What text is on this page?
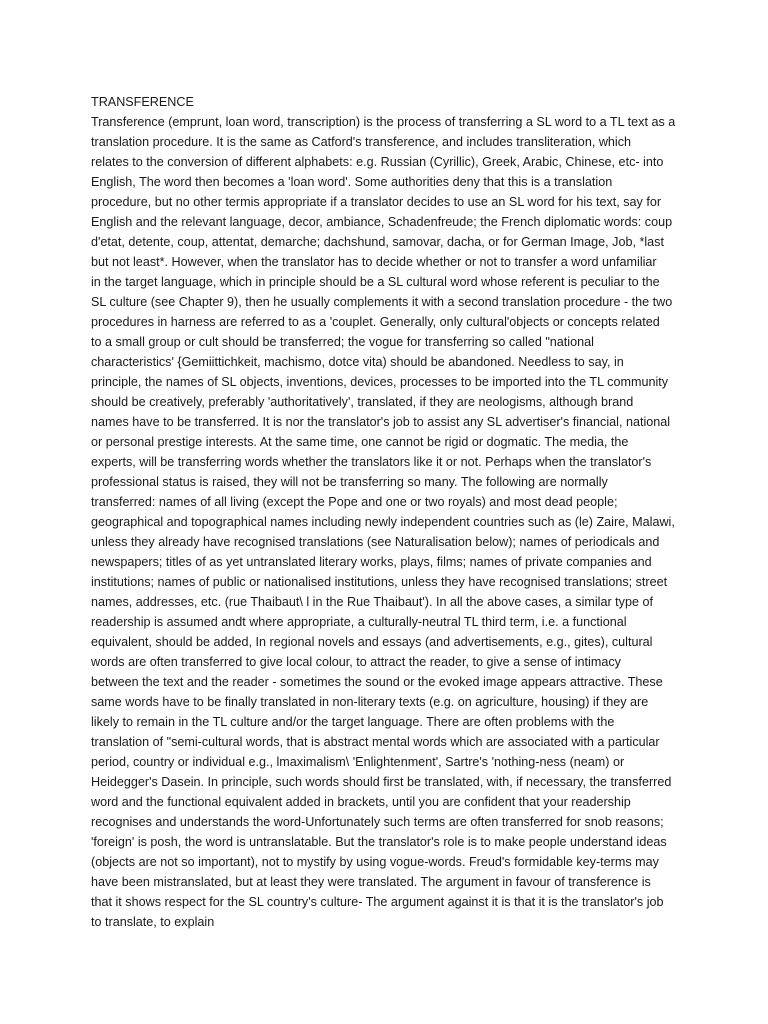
TRANSFERENCE
Transference (emprunt, loan word, transcription) is the process of transferring a SL word to a TL text as a
translation procedure. It is the same as Catford's transference, and includes transliteration, which
relates to the conversion of different alphabets: e.g. Russian (Cyrillic), Greek, Arabic, Chinese, etc- into
English, The word then becomes a 'loan word'. Some authorities deny that this is a translation
procedure, but no other termis appropriate if a translator decides to use an SL word for his text, say for
English and the relevant language, decor, ambiance, Schadenfreude; the French diplomatic words: coup
d'etat, detente, coup, attentat, demarche; dachshund, samovar, dacha, or for German Image, Job, *last
but not least*. However, when the translator has to decide whether or not to transfer a word unfamiliar
in the target language, which in principle should be a SL cultural word whose referent is peculiar to the
SL culture (see Chapter 9), then he usually complements it with a second translation procedure - the two
procedures in harness are referred to as a 'couplet. Generally, only cultural'objects or concepts related
to a small group or cult should be transferred; the vogue for transferring so called "national
characteristics' {Gemiittichkeit, machismo, dotce vita) should be abandoned. Needless to say, in
principle, the names of SL objects, inventions, devices, processes to be imported into the TL community
should be creatively, preferably 'authoritatively', translated, if they are neologisms, although brand
names have to be transferred. It is nor the translator's job to assist any SL advertiser's financial, national
or personal prestige interests. At the same time, one cannot be rigid or dogmatic. The media, the
experts, will be transferring words whether the translators like it or not. Perhaps when the translator's
professional status is raised, they will not be transferring so many. The following are normally
transferred: names of all living (except the Pope and one or two royals) and most dead people;
geographical and topographical names including newly independent countries such as (le) Zaire, Malawi,
unless they already have recognised translations (see Naturalisation below); names of periodicals and
newspapers; titles of as yet untranslated literary works, plays, films; names of private companies and
institutions; names of public or nationalised institutions, unless they have recognised translations; street
names, addresses, etc. (rue Thaibaut\ l in the Rue Thaibaut'). In all the above cases, a similar type of
readership is assumed andt where appropriate, a culturally-neutral TL third term, i.e. a functional
equivalent, should be added, In regional novels and essays (and advertisements, e.g., gites), cultural
words are often transferred to give local colour, to attract the reader, to give a sense of intimacy
between the text and the reader - sometimes the sound or the evoked image appears attractive. These
same words have to be finally translated in non-literary texts (e.g. on agriculture, housing) if they are
likely to remain in the TL culture and/or the target language. There are often problems with the
translation of "semi-cultural words, that is abstract mental words which are associated with a particular
period, country or individual e.g., lmaximalism\ 'Enlightenment', Sartre's 'nothing-ness (neam) or
Heidegger's Dasein. In principle, such words should first be translated, with, if necessary, the transferred
word and the functional equivalent added in brackets, until you are confident that your readership
recognises and understands the word-Unfortunately such terms are often transferred for snob reasons;
'foreign' is posh, the word is untranslatable. But the translator's role is to make people understand ideas
(objects are not so important), not to mystify by using vogue-words. Freud's formidable key-terms may
have been mistranslated, but at least they were translated. The argument in favour of transference is
that it shows respect for the SL country's culture- The argument against it is that it is the translator's job
to translate, to explain
